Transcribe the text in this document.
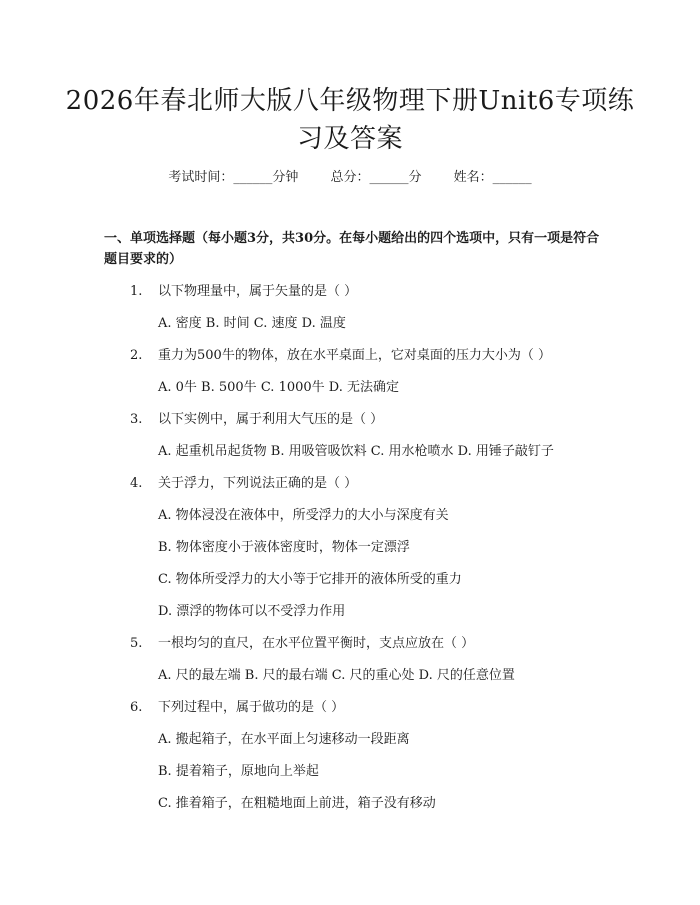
2026年春北师大版八年级物理下册Unit6专项练习及答案
考试时间：______分钟 总分：______分 姓名：______
一、单项选择题（每小题3分，共30分。在每小题给出的四个选项中，只有一项是符合题目要求的）
1. 以下物理量中，属于矢量的是（ ）
A. 密度 B. 时间 C. 速度 D. 温度
2. 重力为500牛的物体，放在水平桌面上，它对桌面的压力大小为（ ）
A. 0牛 B. 500牛 C. 1000牛 D. 无法确定
3. 以下实例中，属于利用大气压的是（ ）
A. 起重机吊起货物 B. 用吸管吸饮料 C. 用水枪喷水 D. 用锤子敲钉子
4. 关于浮力，下列说法正确的是（ ）
A. 物体浸没在液体中，所受浮力的大小与深度有关
B. 物体密度小于液体密度时，物体一定漂浮
C. 物体所受浮力的大小等于它排开的液体所受的重力
D. 漂浮的物体可以不受浮力作用
5. 一根均匀的直尺，在水平位置平衡时，支点应放在（ ）
A. 尺的最左端 B. 尺的最右端 C. 尺的重心处 D. 尺的任意位置
6. 下列过程中，属于做功的是（ ）
A. 搬起箱子，在水平面上匀速移动一段距离
B. 提着箱子，原地向上举起
C. 推着箱子，在粗糙地面上前进，箱子没有移动
